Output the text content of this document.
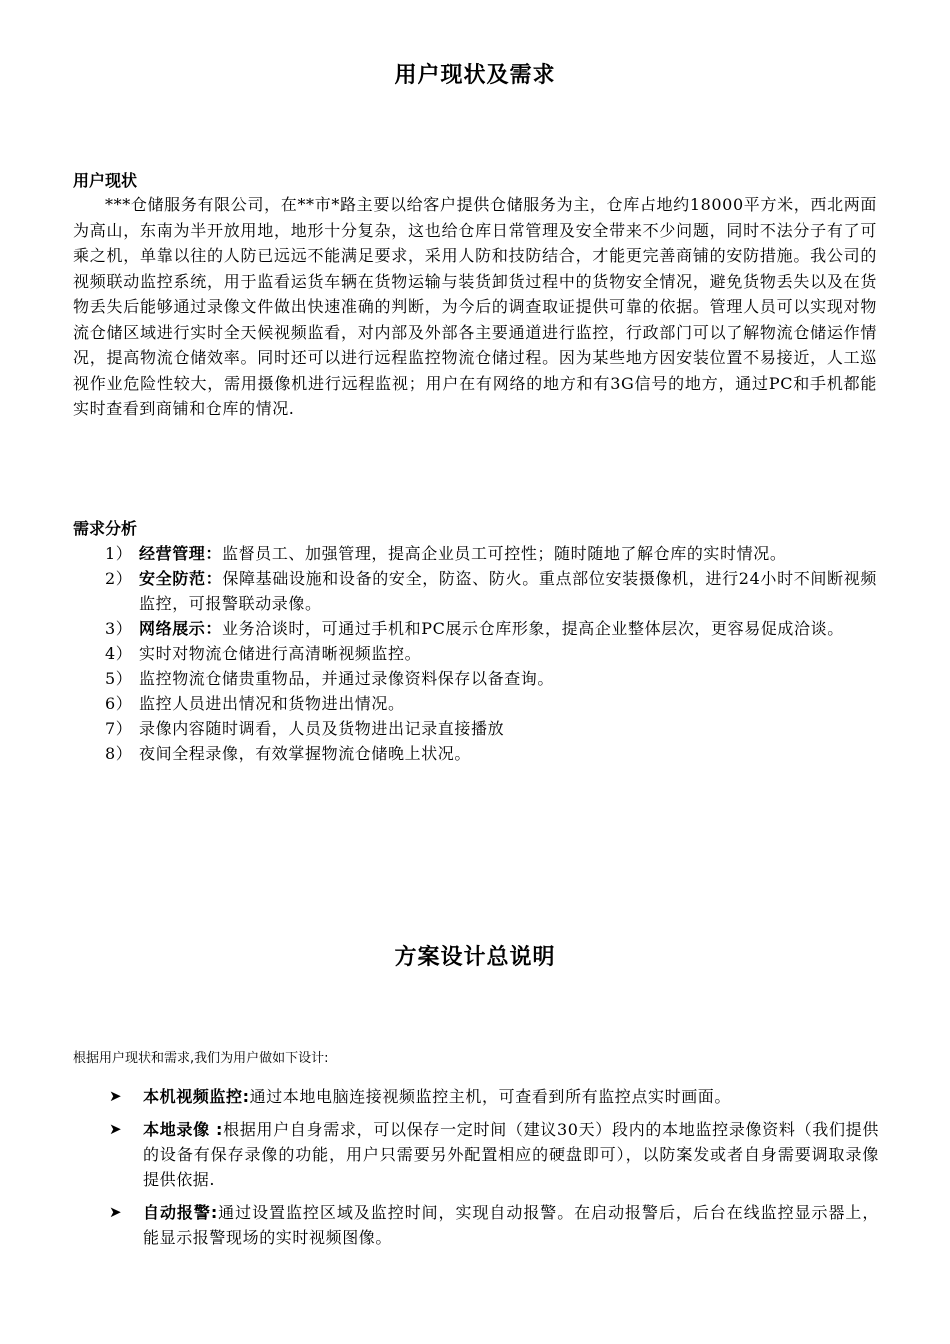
用户现状及需求
用户现状
***仓储服务有限公司，在**市*路主要以给客户提供仓储服务为主，仓库占地约18000平方米，西北两面为高山，东南为半开放用地，地形十分复杂，这也给仓库日常管理及安全带来不少问题，同时不法分子有了可乘之机，单靠以往的人防已远远不能满足要求，采用人防和技防结合，才能更完善商铺的安防措施。我公司的视频联动监控系统，用于监看运货车辆在货物运输与装货卸货过程中的货物安全情况，避免货物丢失以及在货物丢失后能够通过录像文件做出快速准确的判断，为今后的调查取证提供可靠的依据。管理人员可以实现对物流仓储区域进行实时全天候视频监看，对内部及外部各主要通道进行监控，行政部门可以了解物流仓储运作情况，提高物流仓储效率。同时还可以进行远程监控物流仓储过程。因为某些地方因安装位置不易接近，人工巡视作业危险性较大，需用摄像机进行远程监视；用户在有网络的地方和有3G信号的地方，通过PC和手机都能实时查看到商铺和仓库的情况.
需求分析
1） 经营管理：监督员工、加强管理，提高企业员工可控性；随时随地了解仓库的实时情况。
2） 安全防范：保障基础设施和设备的安全，防盗、防火。重点部位安装摄像机，进行24小时不间断视频监控，可报警联动录像。
3） 网络展示：业务洽谈时，可通过手机和PC展示仓库形象，提高企业整体层次，更容易促成洽谈。
4） 实时对物流仓储进行高清晰视频监控。
5） 监控物流仓储贵重物品，并通过录像资料保存以备查询。
6） 监控人员进出情况和货物进出情况。
7） 录像内容随时调看，人员及货物进出记录直接播放
8） 夜间全程录像，有效掌握物流仓储晚上状况。
方案设计总说明
根据用户现状和需求,我们为用户做如下设计:
➤ 本机视频监控:通过本地电脑连接视频监控主机，可查看到所有监控点实时画面。
➤ 本地录像 :根据用户自身需求，可以保存一定时间（建议30天）段内的本地监控录像资料（我们提供的设备有保存录像的功能，用户只需要另外配置相应的硬盘即可），以防案发或者自身需要调取录像提供依据.
➤ 自动报警:通过设置监控区域及监控时间，实现自动报警。在启动报警后，后台在线监控显示器上，能显示报警现场的实时视频图像。
